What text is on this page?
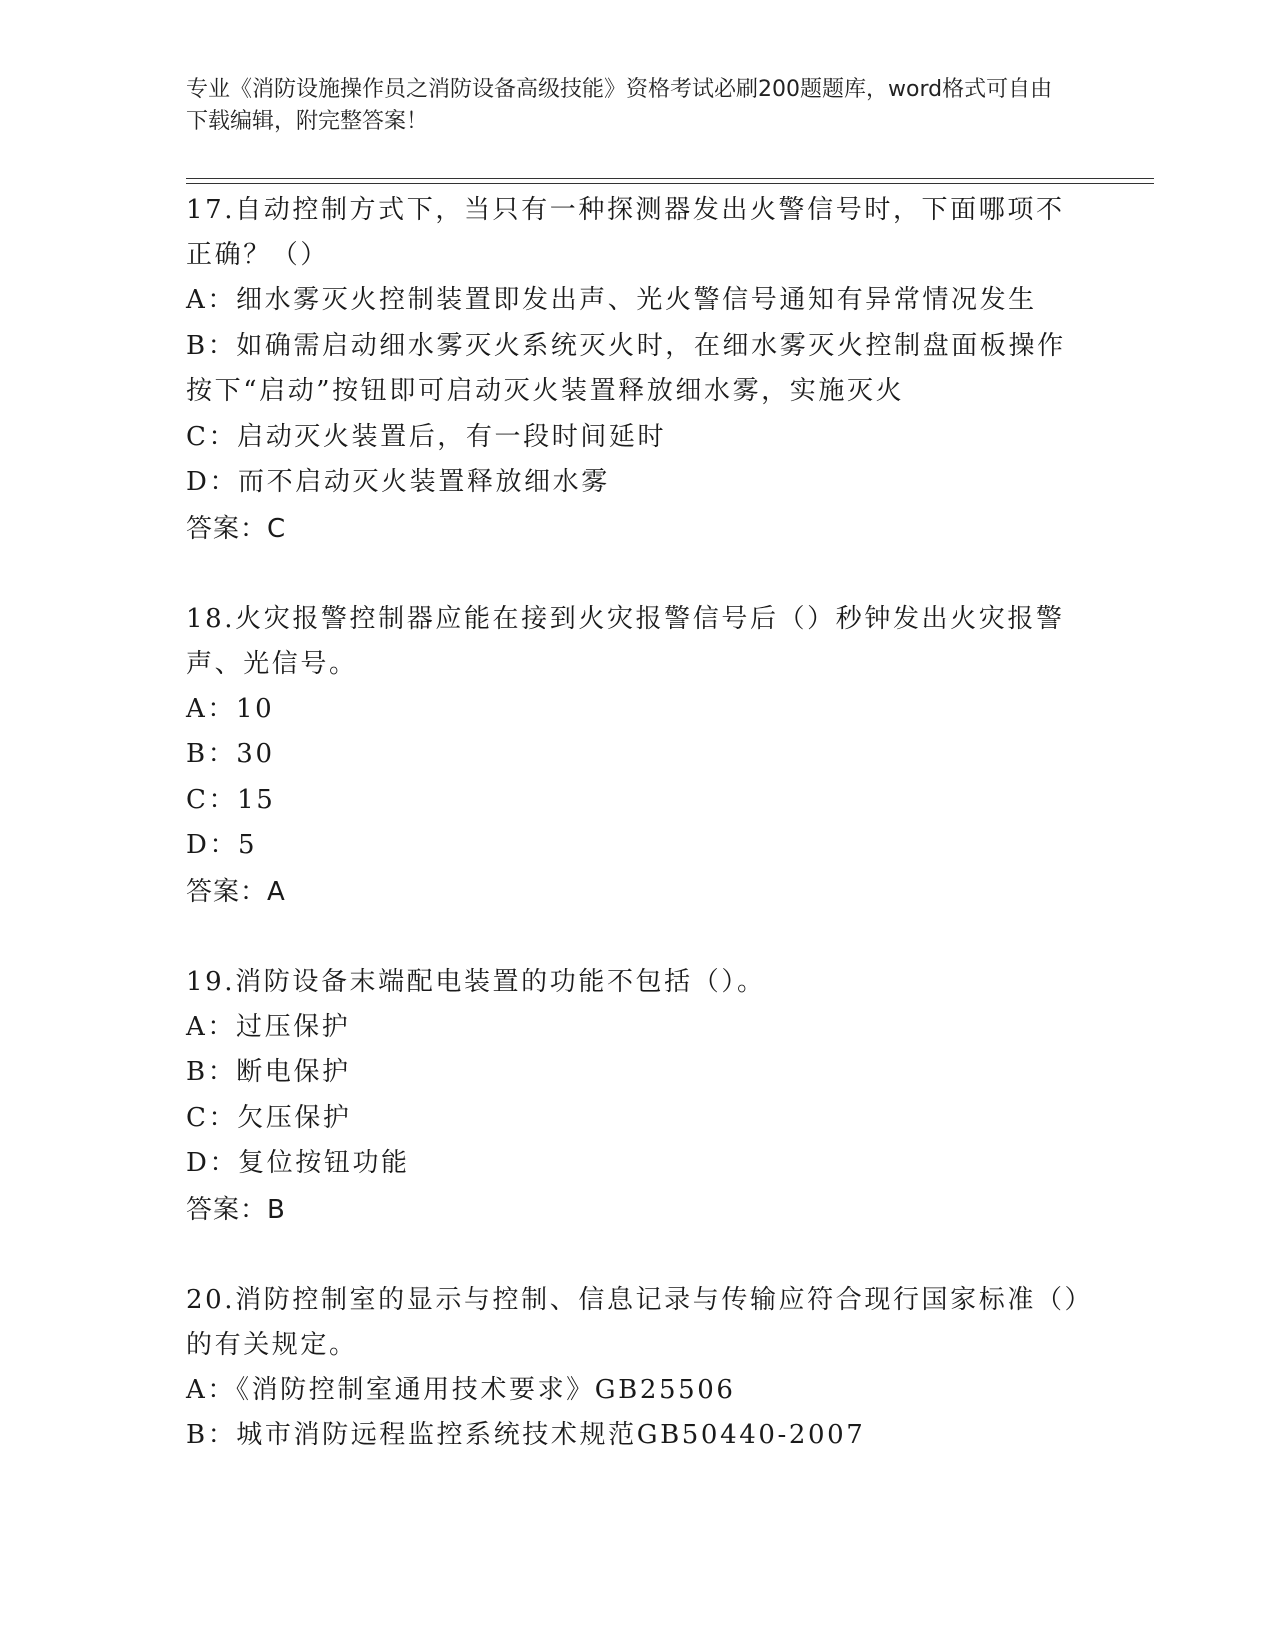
专业《消防设施操作员之消防设备高级技能》资格考试必刷200题题库，word格式可自由下载编辑，附完整答案！

17.自动控制方式下，当只有一种探测器发出火警信号时，下面哪项不正确？（）

A：细水雾灭火控制装置即发出声、光火警信号通知有异常情况发生

B：如确需启动细水雾灭火系统灭火时，在细水雾灭火控制盘面板操作按下“启动”按钮即可启动灭火装置释放细水雾，实施灭火

C：启动灭火装置后，有一段时间延时

D：而不启动灭火装置释放细水雾

答案：C

18.火灾报警控制器应能在接到火灾报警信号后（）秒钟发出火灾报警声、光信号。

A：10

B：30

C：15

D：5

答案：A

19.消防设备末端配电装置的功能不包括（）。

A：过压保护

B：断电保护

C：欠压保护

D：复位按钮功能

答案：B

20.消防控制室的显示与控制、信息记录与传输应符合现行国家标准（）的有关规定。

A：《消防控制室通用技术要求》GB25506

B：城市消防远程监控系统技术规范GB50440-2007
